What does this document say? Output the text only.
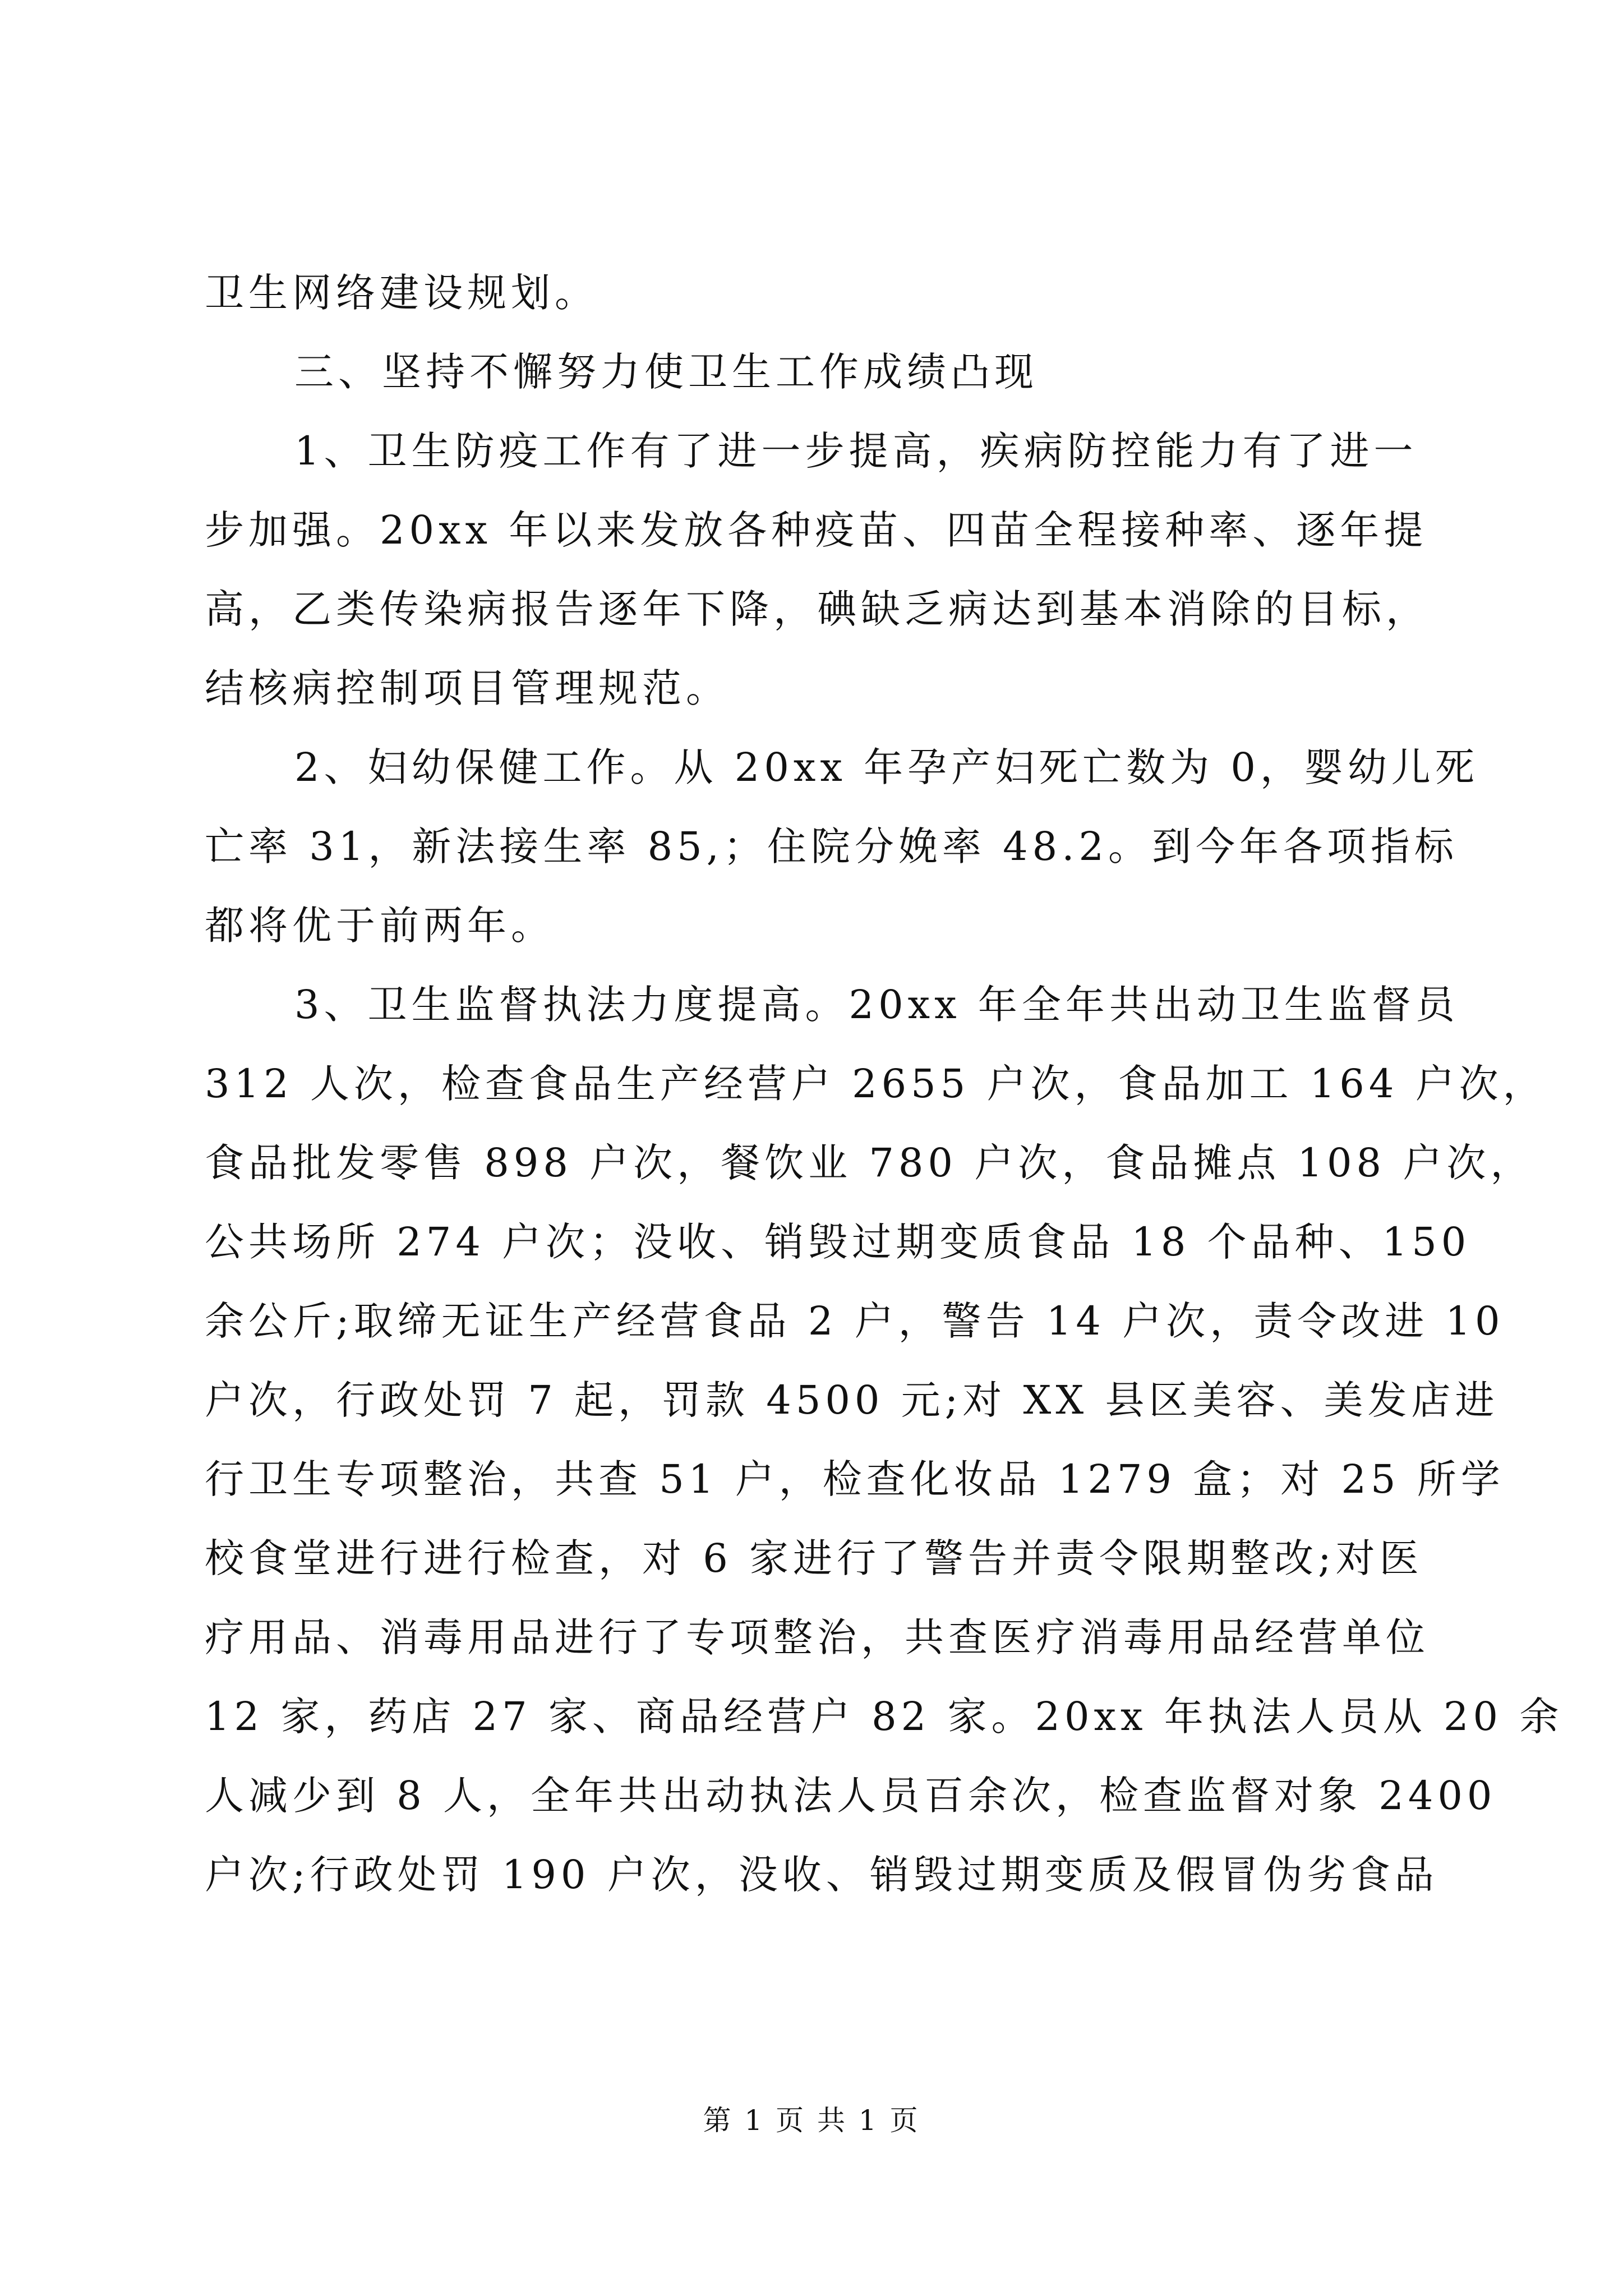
卫生网络建设规划。
三、坚持不懈努力使卫生工作成绩凸现
1、卫生防疫工作有了进一步提高，疾病防控能力有了进一
步加强。20xx 年以来发放各种疫苗、四苗全程接种率、逐年提
高，乙类传染病报告逐年下降，碘缺乏病达到基本消除的目标，
结核病控制项目管理规范。
2、妇幼保健工作。从 20xx 年孕产妇死亡数为 0，婴幼儿死
亡率 31，新法接生率 85,；住院分娩率 48.2。到今年各项指标
都将优于前两年。
3、卫生监督执法力度提高。20xx 年全年共出动卫生监督员
312 人次，检查食品生产经营户 2655 户次，食品加工 164 户次，
食品批发零售 898 户次，餐饮业 780 户次，食品摊点 108 户次，
公共场所 274 户次；没收、销毁过期变质食品 18 个品种、150
余公斤;取缔无证生产经营食品 2 户，警告 14 户次，责令改进 10
户次，行政处罚 7 起，罚款 4500 元;对 XX 县区美容、美发店进
行卫生专项整治，共查 51 户，检查化妆品 1279 盒；对 25 所学
校食堂进行进行检查，对 6 家进行了警告并责令限期整改;对医
疗用品、消毒用品进行了专项整治，共查医疗消毒用品经营单位
12 家，药店 27 家、商品经营户 82 家。20xx 年执法人员从 20 余
人减少到 8 人，全年共出动执法人员百余次，检查监督对象 2400
户次;行政处罚 190 户次，没收、销毁过期变质及假冒伪劣食品
第 1 页 共 1 页
